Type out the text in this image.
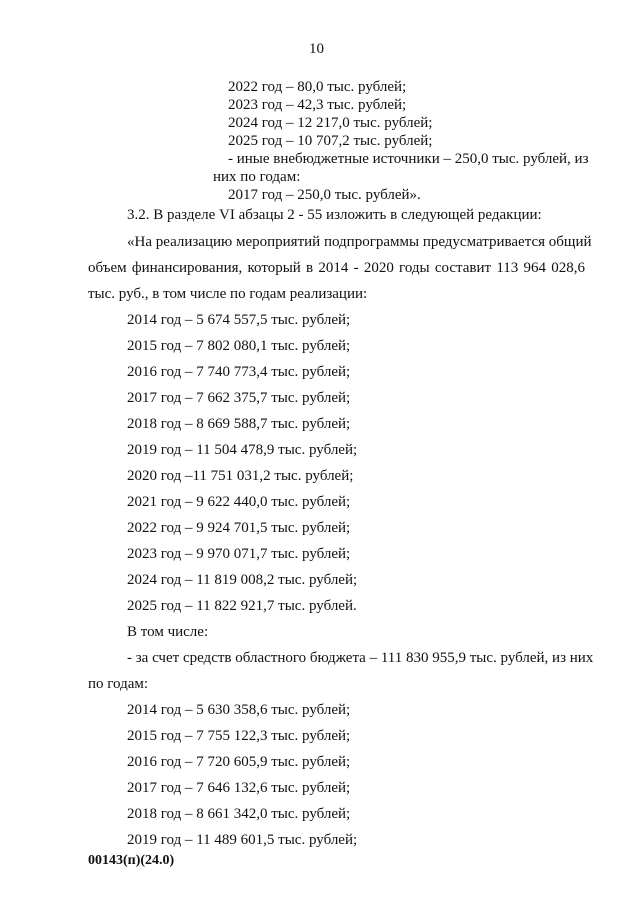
10
2022 год – 80,0 тыс. рублей;
2023 год – 42,3 тыс. рублей;
2024 год – 12 217,0 тыс. рублей;
2025 год – 10 707,2 тыс. рублей;
- иные внебюджетные источники – 250,0 тыс. рублей, из
них по годам:
2017 год – 250,0 тыс. рублей».
3.2. В разделе VI абзацы 2 - 55 изложить в следующей редакции:
«На реализацию мероприятий подпрограммы предусматривается общий
объем финансирования, который в 2014 - 2020 годы составит 113 964 028,6
тыс. руб., в том числе по годам реализации:
2014 год – 5 674 557,5 тыс. рублей;
2015 год – 7 802 080,1 тыс. рублей;
2016 год – 7 740 773,4 тыс. рублей;
2017 год – 7 662 375,7 тыс. рублей;
2018 год – 8 669 588,7 тыс. рублей;
2019 год – 11 504 478,9 тыс. рублей;
2020 год –11 751 031,2 тыс. рублей;
2021 год – 9 622 440,0 тыс. рублей;
2022 год – 9 924 701,5 тыс. рублей;
2023 год – 9 970 071,7 тыс. рублей;
2024 год – 11 819 008,2 тыс. рублей;
2025 год – 11 822 921,7 тыс. рублей.
В том числе:
- за счет средств областного бюджета – 111 830 955,9 тыс. рублей, из них
по годам:
2014 год – 5 630 358,6 тыс. рублей;
2015 год – 7 755 122,3 тыс. рублей;
2016 год – 7 720 605,9 тыс. рублей;
2017 год – 7 646 132,6 тыс. рублей;
2018 год – 8 661 342,0 тыс. рублей;
2019 год – 11 489 601,5 тыс. рублей;
00143(п)(24.0)
